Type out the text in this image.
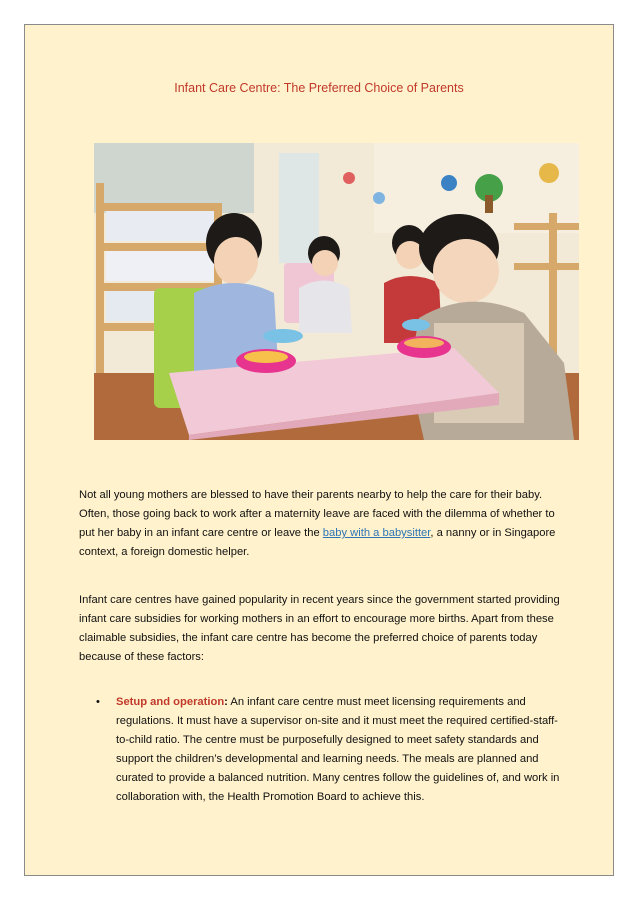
Infant Care Centre: The Preferred Choice of Parents

Not all young mothers are blessed to have their parents nearby to help the care for their baby. Often, those going back to work after a maternity leave are faced with the dilemma of whether to put her baby in an infant care centre or leave the baby with a babysitter, a nanny or in Singapore context, a foreign domestic helper.

Infant care centres have gained popularity in recent years since the government started providing infant care subsidies for working mothers in an effort to encourage more births. Apart from these claimable subsidies, the infant care centre has become the preferred choice of parents today because of these factors:

• Setup and operation: An infant care centre must meet licensing requirements and regulations. It must have a supervisor on-site and it must meet the required certified-staff-to-child ratio. The centre must be purposefully designed to meet safety standards and support the children’s developmental and learning needs. The meals are planned and curated to provide a balanced nutrition. Many centres follow the guidelines of, and work in collaboration with, the Health Promotion Board to achieve this.
